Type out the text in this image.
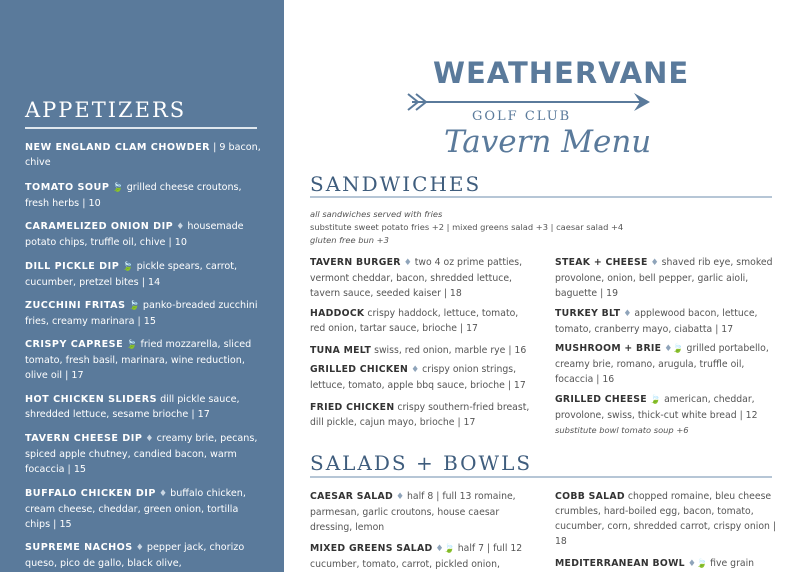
APPETIZERS
NEW ENGLAND CLAM CHOWDER | 9 bacon, chive
TOMATO SOUP 🍃 grilled cheese croutons, fresh herbs | 10
CARAMELIZED ONION DIP ♦ housemade potato chips, truffle oil, chive | 10
DILL PICKLE DIP 🍃 pickle spears, carrot, cucumber, pretzel bites | 14
ZUCCHINI FRITAS 🍃 panko-breaded zucchini fries, creamy marinara | 15
CRISPY CAPRESE 🍃 fried mozzarella, sliced tomato, fresh basil, marinara, wine reduction, olive oil | 17
HOT CHICKEN SLIDERS dill pickle sauce, shredded lettuce, sesame brioche | 17
TAVERN CHEESE DIP ♦ creamy brie, pecans, spiced apple chutney, candied bacon, warm focaccia | 15
BUFFALO CHICKEN DIP ♦ buffalo chicken, cream cheese, cheddar, green onion, tortilla chips | 15
SUPREME NACHOS ♦ pepper jack, chorizo queso, pico de gallo, black olive,
WEATHERVANE
GOLF CLUB
Tavern Menu
SANDWICHES
all sandwiches served with fries
substitute sweet potato fries +2 | mixed greens salad +3 | caesar salad +4
gluten free bun +3
TAVERN BURGER ♦ two 4 oz prime patties, vermont cheddar, bacon, shredded lettuce, tavern sauce, seeded kaiser | 18
HADDOCK crispy haddock, lettuce, tomato, red onion, tartar sauce, brioche | 17
TUNA MELT swiss, red onion, marble rye | 16
GRILLED CHICKEN ♦ crispy onion strings, lettuce, tomato, apple bbq sauce, brioche | 17
FRIED CHICKEN crispy southern-fried breast, dill pickle, cajun mayo, brioche | 17
STEAK + CHEESE ♦ shaved rib eye, smoked provolone, onion, bell pepper, garlic aioli, baguette | 19
TURKEY BLT ♦ applewood bacon, lettuce, tomato, cranberry mayo, ciabatta | 17
MUSHROOM + BRIE ♦🍃 grilled portabello, creamy brie, romano, arugula, truffle oil, focaccia | 16
GRILLED CHEESE 🍃 american, cheddar, provolone, swiss, thick-cut white bread | 12
substitute bowl tomato soup +6
SALADS + BOWLS
CAESAR SALAD ♦ half 8 | full 13 romaine, parmesan, garlic croutons, house caesar dressing, lemon
MIXED GREENS SALAD ♦🍃 half 7 | full 12 cucumber, tomato, carrot, pickled onion,
COBB SALAD chopped romaine, bleu cheese crumbles, hard-boiled egg, bacon, tomato, cucumber, corn, shredded carrot, crispy onion | 18
MEDITERRANEAN BOWL ♦🍃 five grain
